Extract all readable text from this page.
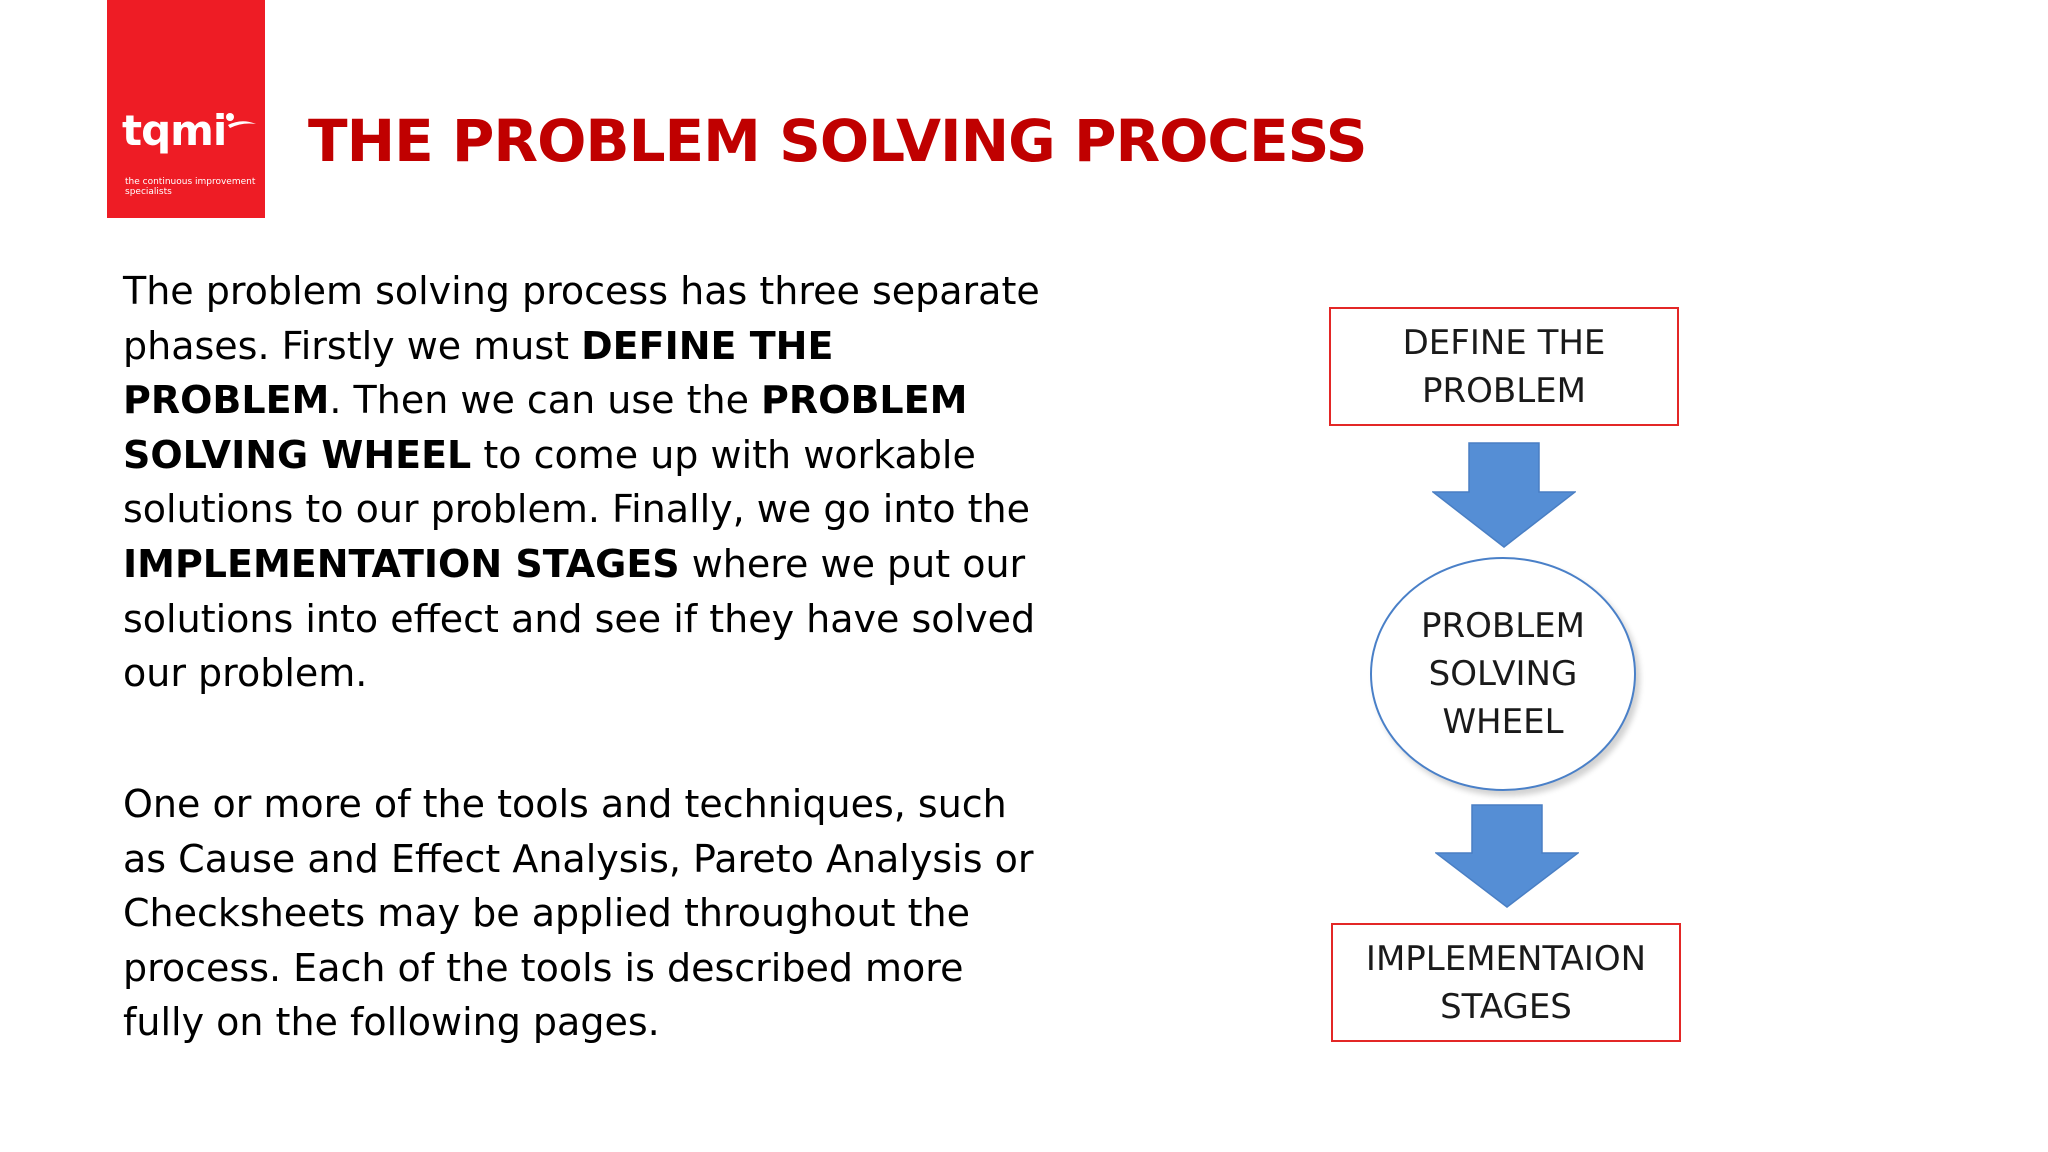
tqmi
the continuous improvement specialists
THE PROBLEM SOLVING PROCESS

The problem solving process has three separate phases. Firstly we must DEFINE THE PROBLEM. Then we can use the PROBLEM SOLVING WHEEL to come up with workable solutions to our problem. Finally, we go into the IMPLEMENTATION STAGES where we put our solutions into effect and see if they have solved our problem.

One or more of the tools and techniques, such as Cause and Effect Analysis, Pareto Analysis or Checksheets may be applied throughout the process. Each of the tools is described more fully on the following pages.

DEFINE THE
PROBLEM
PROBLEM
SOLVING
WHEEL
IMPLEMENTAION
STAGES
